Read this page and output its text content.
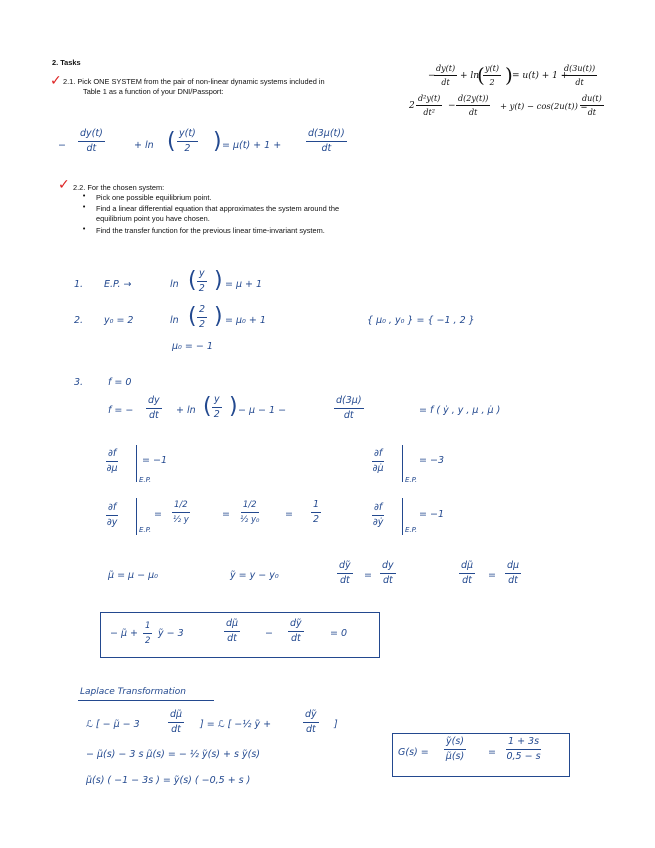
2. Tasks
✓ 2.1. Pick ONE SYSTEM from the pair of non-linear dynamic systems included in
Table 1 as a function of your DNI/Passport:
−
$\frac{dy(t)}{dt} + \ln$
(
$\frac{y(t)}{2}$ ) = u(t) + 1 +
$\frac{d(3u(t))}{dt}$
$2 \frac{\text{d²y(t)}}{\text{dt²}} - \frac{d(2y(t))}{dt} + y(t) - \cos(2u(t))$ =
$\frac{du(t)}{dt}$
− $\frac{dy(t)}{dt}$	+ ln ( $\frac{y(t)}{2}$ ) = μ(t) + 1 +	$\frac{d(3\mu(t))}{dt}$
✓ 2.2. For the chosen system:
• Pick one possible equilibrium point.
• Find a linear differential equation that approximates the system around the
equilibrium point you have chosen.
• Find the transfer function for the previous linear time-invariant system.
1. E.P. →	ln ( $\frac{y}{2}$ ) = μ + 1
2. y₀ = 2	ln ( $\frac{2}{2}$ ) = μ₀ + 1
μ₀ = − 1
{ μ₀ , y₀ } = { −1 , 2 }
3.	f = 0
f = − $\frac{dy}{dt} + \ln$ ( $\frac{y}{2}$ ) − μ − 1 −	$\frac{d(3\mu)}{dt}$	= f ( ẏ , y , μ , μ̇ )
$\frac{\partial f}{\partial\mu} = -1$
E.P.
$\frac{\partial f}{\partial\mu̇}$	= −3
E.P.
$\frac{\partial f}{\partial y}$
E.P.
= $\frac{1/2}{\text{½ y}}$	= $\frac{1/2}{\text{½ y₀}}$	= $\frac{1}{2}$	$\frac{\partial f}{\text{∂ẏ}}$	= −1
E.P.
μ̃ = μ − μ₀	ỹ = y − y₀	$\frac{\text{dỹ}}{dt} = \frac{dy}{dt}$	$\frac{d\mũ}{dt} = \frac{d\mu}{dt}$
− μ̃ + $\frac{1}{2}$ ỹ − 3	$\frac{d\mũ}{dt}$	− $\frac{\text{dỹ}}{dt}$	= 0
Laplace Transformation
ℒ [ − μ̃ − 3	$\frac{d\mũ}{dt}$ ] = ℒ [ −½ ỹ +	$\frac{\text{dỹ}}{dt}$ ]
− μ̃(s) − 3 s μ̃(s) = − ½ ỹ(s) + s ỹ(s)
μ̃(s) ( −1 − 3s ) = ỹ(s) ( −0,5 + s )
$G(s) = \frac{\text{ỹ(s)}}{\mũ(s)} = \frac{1 + 3s}{0,5 - s}$
